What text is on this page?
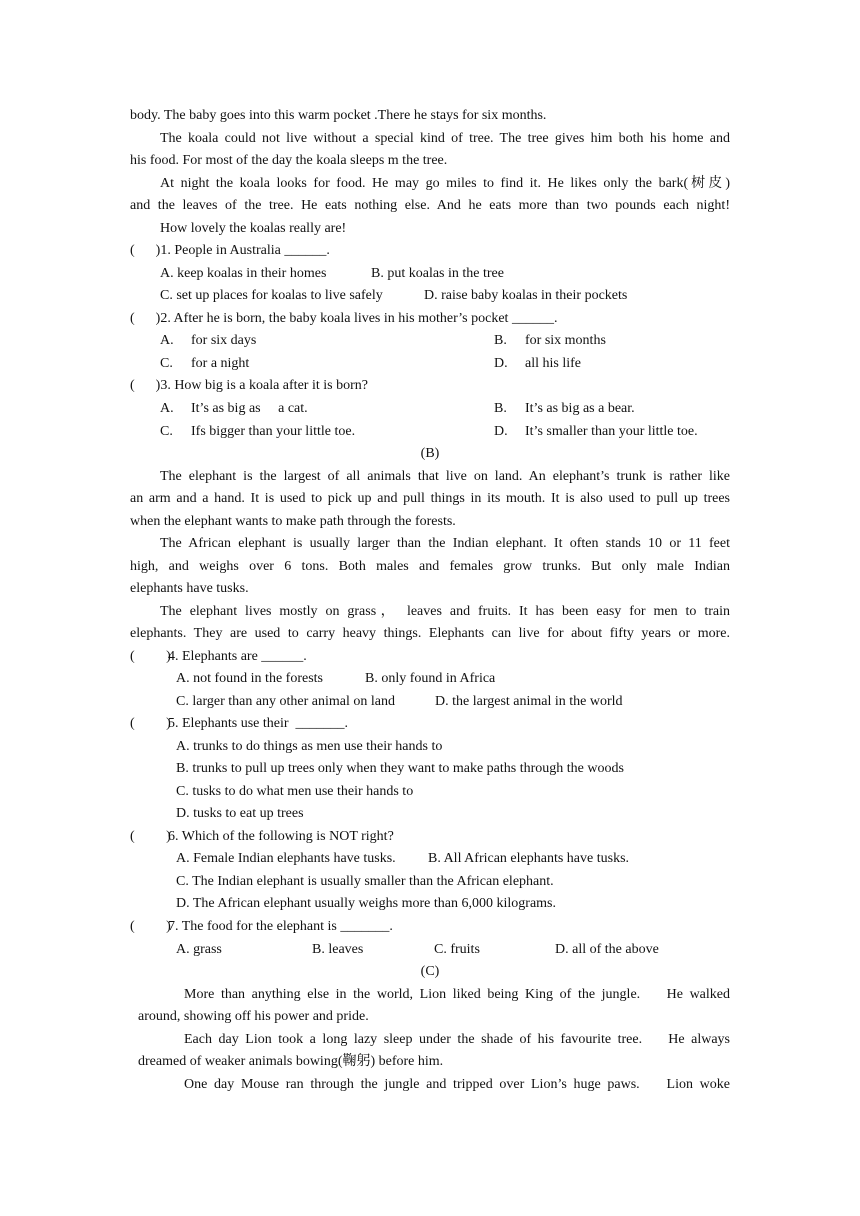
body. The baby goes into this warm pocket .There he stays for six months.
The koala could not live without a special kind of tree. The tree gives him both his home and
his food. For most of the day the koala sleeps m the tree.
At night the koala looks for food. He may go miles to find it. He likes only the bark(树皮)
and the leaves of the tree. He eats nothing else. And he eats more than two pounds each night!
How lovely the koalas really are!
(      )1. People in Australia ______.
A. keep koalas in their homes	B. put koalas in the tree
C. set up places for koalas to live safely	D. raise baby koalas in their pockets
(      )2. After he is born, the baby koala lives in his mother’s pocket ______.
A. for six days	B. for six months
C. for a night	D. all his life
(      )3. How big is a koala after it is born?
A. It’s as big as     a cat.	B. It’s as big as a bear.
C. Ifs bigger than your little toe.	D. It’s smaller than your little toe.
(B)
The elephant is the largest of all animals that live on land. An elephant’s trunk is rather like
an arm and a hand. It is used to pick up and pull things in its mouth. It is also used to pull up trees
when the elephant wants to make path through the forests.
The African elephant is usually larger than the Indian elephant. It often stands 10 or 11 feet
high, and weighs over 6 tons. Both males and females grow trunks. But only male Indian
elephants have tusks.
The elephant lives mostly on grass， leaves and fruits. It has been easy for men to train
elephants. They are used to carry heavy things. Elephants can live for about fifty years or more.
(         )
4. Elephants are ______.
A. not found in the forests	B. only found in Africa
C. larger than any other animal on land	D. the largest animal in the world
(         )
5. Elephants use their  _______.
A. trunks to do things as men use their hands to
B. trunks to pull up trees only when they want to make paths through the woods
C. tusks to do what men use their hands to
D. tusks to eat up trees
(         )
6. Which of the following is NOT right?
A. Female Indian elephants have tusks. B. All African elephants have tusks.
C. The Indian elephant is usually smaller than the African elephant.
D. The African elephant usually weighs more than 6,000 kilograms.
(         )
7. The food for the elephant is _______.
A. grass	B. leaves	C. fruits	D. all of the above
(C)
More than anything else in the world, Lion liked being King of the jungle.    He walked
around, showing off his power and pride.
Each day Lion took a long lazy sleep under the shade of his favourite tree.    He always
dreamed of weaker animals bowing(鞠躬) before him.
One day Mouse ran through the jungle and tripped over Lion’s huge paws.    Lion woke
